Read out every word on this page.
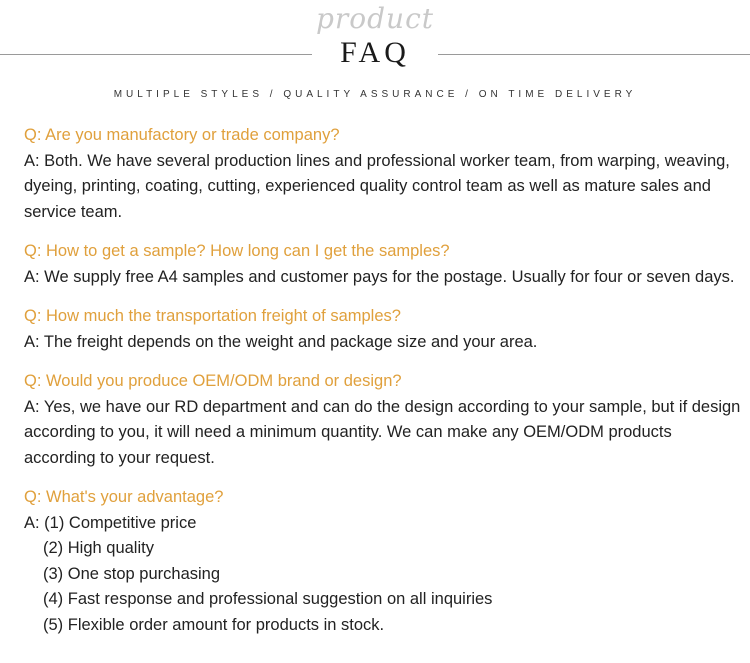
product
FAQ
MULTIPLE STYLES / QUALITY ASSURANCE / ON TIME DELIVERY
Q: Are you manufactory or trade company?
A: Both. We have several production lines and professional worker team, from warping, weaving, dyeing, printing, coating, cutting, experienced quality control team as well as mature sales and service team.
Q: How to get a sample? How long can I get the samples?
A: We supply free A4 samples and customer pays for the postage. Usually for four or seven days.
Q: How much the transportation freight of samples?
A: The freight depends on the weight and package size and your area.
Q: Would you produce OEM/ODM brand or design?
A: Yes, we have our RD department and can do the design according to your sample, but if design according to you, it will need a minimum quantity. We can make any OEM/ODM products according to your request.
Q: What's your advantage?
A: (1) Competitive price
(2) High quality
(3) One stop purchasing
(4) Fast response and professional suggestion on all inquiries
(5) Flexible order amount for products in stock.
